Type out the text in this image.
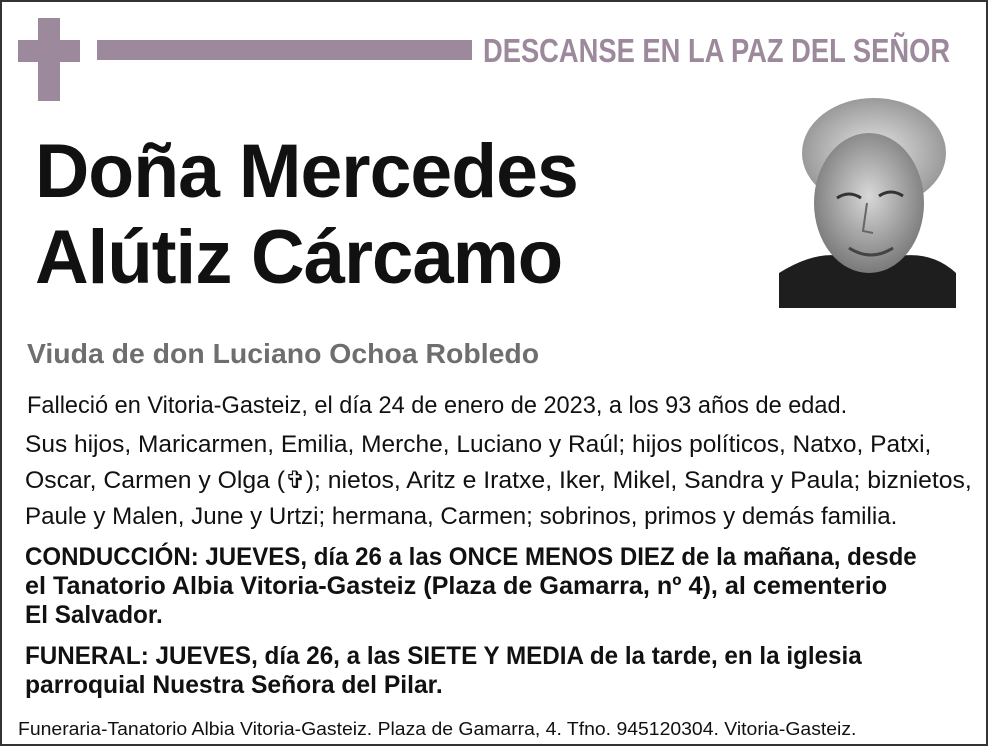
DESCANSE EN LA PAZ DEL SEÑOR
Doña Mercedes
Alútiz Cárcamo
Viuda de don Luciano Ochoa Robledo
Falleció en Vitoria-Gasteiz, el día 24 de enero de 2023, a los 93 años de edad.
Sus hijos, Maricarmen, Emilia, Merche, Luciano y Raúl; hijos políticos, Natxo, Patxi,
Oscar, Carmen y Olga (✞); nietos, Aritz e Iratxe, Iker, Mikel, Sandra y Paula; biznietos,
Paule y Malen, June y Urtzi; hermana, Carmen; sobrinos, primos y demás familia.
CONDUCCIÓN: JUEVES, día 26 a las ONCE MENOS DIEZ de la mañana, desde
el Tanatorio Albia Vitoria-Gasteiz (Plaza de Gamarra, nº 4), al cementerio
El Salvador.
FUNERAL: JUEVES, día 26, a las SIETE Y MEDIA de la tarde, en la iglesia
parroquial Nuestra Señora del Pilar.
Funeraria-Tanatorio Albia Vitoria-Gasteiz. Plaza de Gamarra, 4. Tfno. 945120304. Vitoria-Gasteiz.
